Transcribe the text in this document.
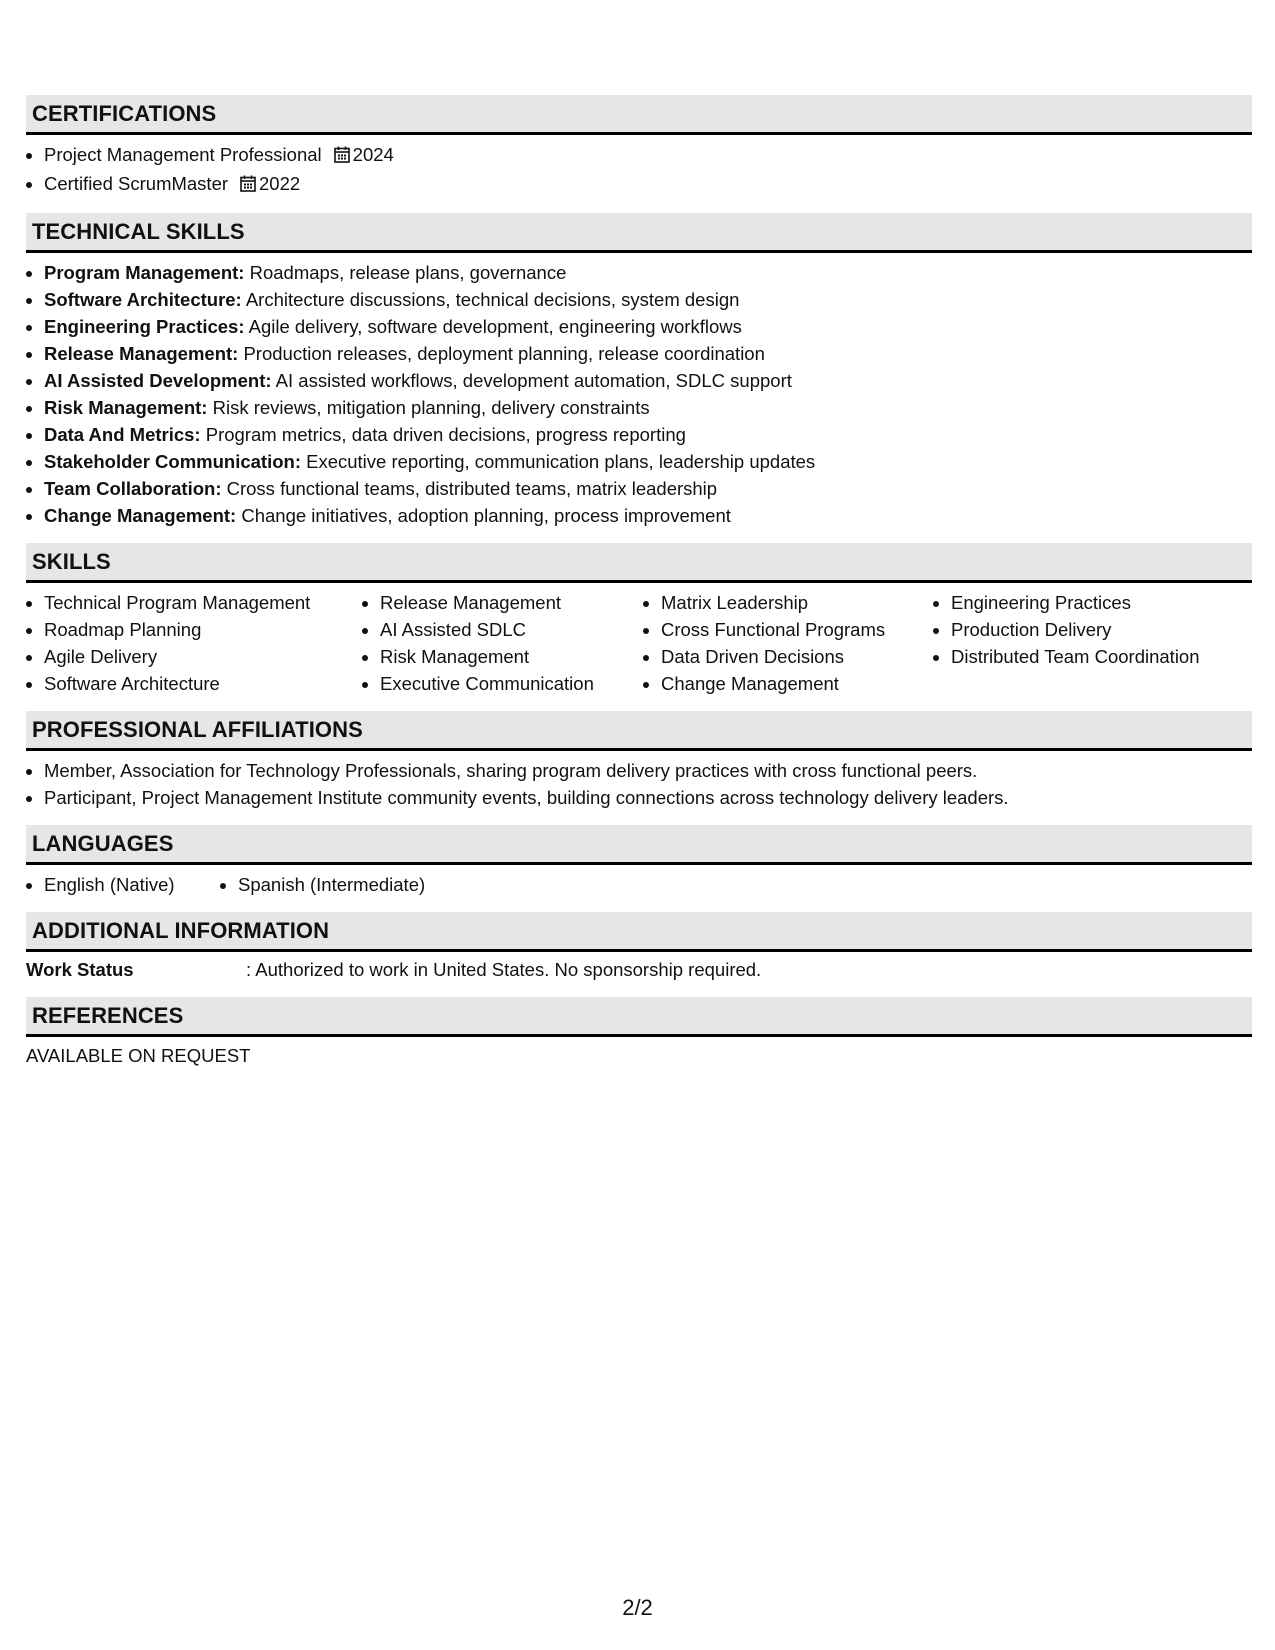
CERTIFICATIONS
• Project Management Professional 2024
• Certified ScrumMaster 2022
TECHNICAL SKILLS
• Program Management: Roadmaps, release plans, governance
• Software Architecture: Architecture discussions, technical decisions, system design
• Engineering Practices: Agile delivery, software development, engineering workflows
• Release Management: Production releases, deployment planning, release coordination
• AI Assisted Development: AI assisted workflows, development automation, SDLC support
• Risk Management: Risk reviews, mitigation planning, delivery constraints
• Data And Metrics: Program metrics, data driven decisions, progress reporting
• Stakeholder Communication: Executive reporting, communication plans, leadership updates
• Team Collaboration: Cross functional teams, distributed teams, matrix leadership
• Change Management: Change initiatives, adoption planning, process improvement
SKILLS
• Technical Program Management
• Roadmap Planning
• Agile Delivery
• Software Architecture
• Release Management
• AI Assisted SDLC
• Risk Management
• Executive Communication
• Matrix Leadership
• Cross Functional Programs
• Data Driven Decisions
• Change Management
• Engineering Practices
• Production Delivery
• Distributed Team Coordination
PROFESSIONAL AFFILIATIONS
• Member, Association for Technology Professionals, sharing program delivery practices with cross functional peers.
• Participant, Project Management Institute community events, building connections across technology delivery leaders.
LANGUAGES
• English (Native)
•	Spanish (Intermediate)
ADDITIONAL INFORMATION
Work Status	: Authorized to work in United States. No sponsorship required.
REFERENCES
AVAILABLE ON REQUEST
2/2
